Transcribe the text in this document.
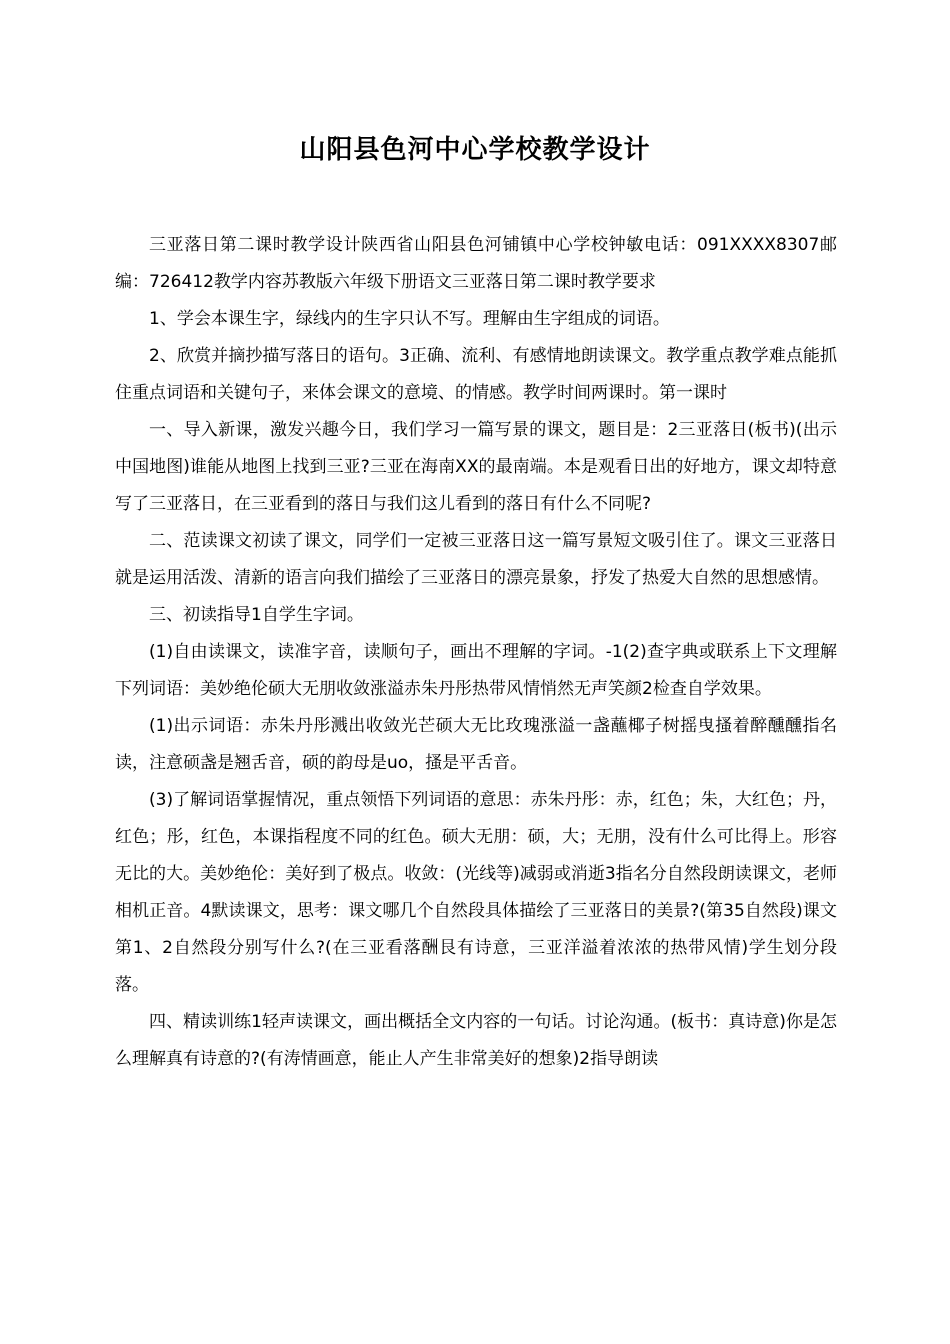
山阳县色河中心学校教学设计

三亚落日第二课时教学设计陕西省山阳县色河铺镇中心学校钟敏电话：091XXXX8307邮编：726412教学内容苏教版六年级下册语文三亚落日第二课时教学要求

1、学会本课生字，绿线内的生字只认不写。理解由生字组成的词语。

2、欣赏并摘抄描写落日的语句。3正确、流利、有感情地朗读课文。教学重点教学难点能抓住重点词语和关键句子，来体会课文的意境、的情感。教学时间两课时。第一课时

一、导入新课，激发兴趣今日，我们学习一篇写景的课文，题目是：2三亚落日(板书)(出示中国地图)谁能从地图上找到三亚?三亚在海南XX的最南端。本是观看日出的好地方，课文却特意写了三亚落日，在三亚看到的落日与我们这儿看到的落日有什么不同呢?

二、范读课文初读了课文，同学们一定被三亚落日这一篇写景短文吸引住了。课文三亚落日就是运用活泼、清新的语言向我们描绘了三亚落日的漂亮景象，抒发了热爱大自然的思想感情。

三、初读指导1自学生字词。

(1)自由读课文，读准字音，读顺句子，画出不理解的字词。-1(2)查字典或联系上下文理解下列词语：美妙绝伦硕大无朋收敛涨溢赤朱丹彤热带风情悄然无声笑颜2检查自学效果。

(1)出示词语：赤朱丹彤溅出收敛光芒硕大无比玫瑰涨溢一盏蘸椰子树摇曳搔着醉醺醺指名读，注意硕盏是翘舌音，硕的韵母是uo，搔是平舌音。

(3)了解词语掌握情况，重点领悟下列词语的意思：赤朱丹彤：赤，红色；朱，大红色；丹，红色；彤，红色，本课指程度不同的红色。硕大无朋：硕，大；无朋，没有什么可比得上。形容无比的大。美妙绝伦：美好到了极点。收敛：(光线等)减弱或消逝3指名分自然段朗读课文，老师相机正音。4默读课文，思考：课文哪几个自然段具体描绘了三亚落日的美景?(第35自然段)课文第1、2自然段分别写什么?(在三亚看落酬艮有诗意，三亚洋溢着浓浓的热带风情)学生划分段落。

四、精读训练1轻声读课文，画出概括全文内容的一句话。讨论沟通。(板书：真诗意)你是怎么理解真有诗意的?(有涛情画意，能止人产生非常美好的想象)2指导朗读
